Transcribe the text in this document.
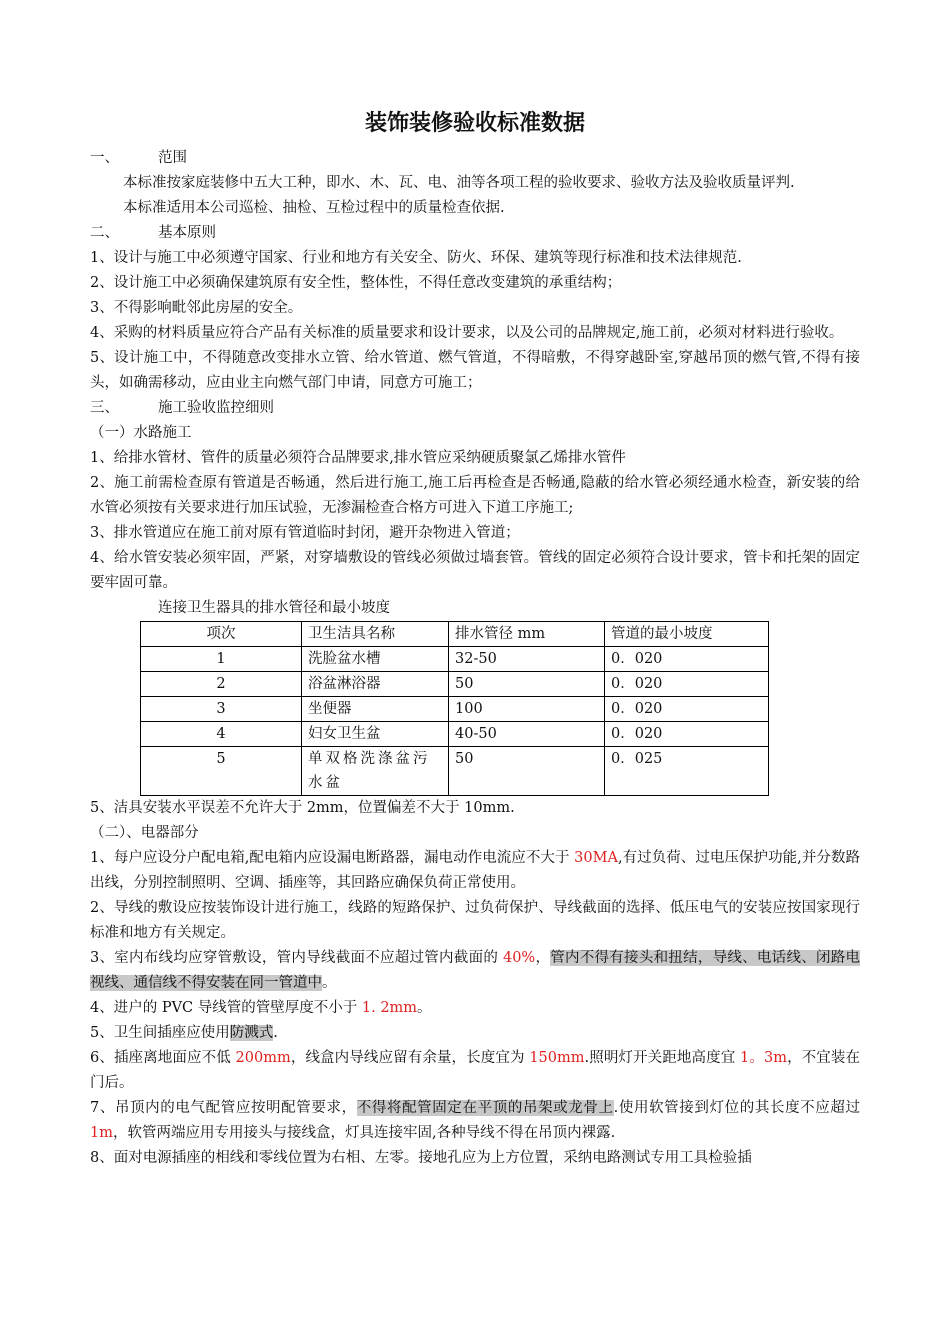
装饰装修验收标准数据
一、	范围

本标准按家庭装修中五大工种，即水、木、瓦、电、油等各项工程的验收要求、验收方法及验收质量评判.

本标准适用本公司巡检、抽检、互检过程中的质量检查依据.

二、	基本原则

1、设计与施工中必须遵守国家、行业和地方有关安全、防火、环保、建筑等现行标准和技术法律规范.

2、设计施工中必须确保建筑原有安全性，整体性，不得任意改变建筑的承重结构；

3、不得影响毗邻此房屋的安全。

4、采购的材料质量应符合产品有关标准的质量要求和设计要求，以及公司的品牌规定,施工前，必须对材料进行验收。

5、设计施工中，不得随意改变排水立管、给水管道、燃气管道，不得暗敷，不得穿越卧室,穿越吊顶的燃气管,不得有接头，如确需移动，应由业主向燃气部门申请，同意方可施工；

三、	施工验收监控细则

（一）水路施工

1、给排水管材、管件的质量必须符合品牌要求,排水管应采纳硬质聚氯乙烯排水管件

2、施工前需检查原有管道是否畅通，然后进行施工,施工后再检查是否畅通,隐蔽的给水管必须经通水检查，新安装的给水管必须按有关要求进行加压试验，无渗漏检查合格方可进入下道工序施工;

3、排水管道应在施工前对原有管道临时封闭，避开杂物进入管道；

4、给水管安装必须牢固，严紧，对穿墙敷设的管线必须做过墙套管。管线的固定必须符合设计要求，管卡和托架的固定要牢固可靠。

连接卫生器具的排水管径和最小坡度

项次	卫生洁具名称	排水管径 mm	管道的最小坡度
1	洗脸盆水槽	32-50	0．020
2	浴盆淋浴器	50	0．020
3	坐便器	100	0．020
4	妇女卫生盆	40-50	0．020
5	单双格洗涤盆污水盆	50	0．025

5、洁具安装水平误差不允许大于 2mm，位置偏差不大于 10mm.

（二）、电器部分

1、每户应设分户配电箱,配电箱内应设漏电断路器，漏电动作电流应不大于 30MA,有过负荷、过电压保护功能,并分数路出线，分别控制照明、空调、插座等，其回路应确保负荷正常使用。

2、导线的敷设应按装饰设计进行施工，线路的短路保护、过负荷保护、导线截面的选择、低压电气的安装应按国家现行标准和地方有关规定。

3、室内布线均应穿管敷设，管内导线截面不应超过管内截面的 40%，管内不得有接头和扭结，导线、电话线、闭路电视线、通信线不得安装在同一管道中。

4、进户的 PVC 导线管的管壁厚度不小于 1. 2mm。

5、卫生间插座应使用防溅式.

6、插座离地面应不低 200mm，线盒内导线应留有余量，长度宜为 150mm.照明灯开关距地高度宜 1。3m，不宜装在门后。

7、吊顶内的电气配管应按明配管要求，不得将配管固定在平顶的吊架或龙骨上.使用软管接到灯位的其长度不应超过 1m，软管两端应用专用接头与接线盒，灯具连接牢固,各种导线不得在吊顶内裸露.

8、面对电源插座的相线和零线位置为右相、左零。接地孔应为上方位置，采纳电路测试专用工具检验插
